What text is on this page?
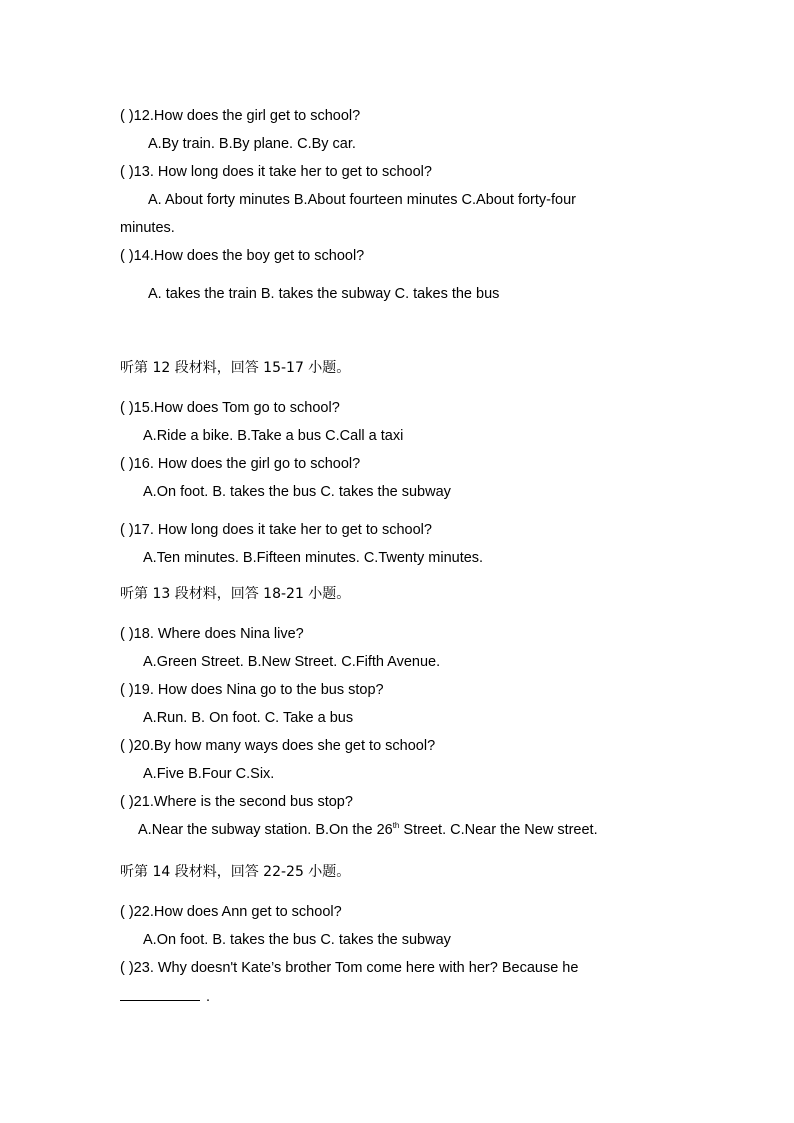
( )12.How does the girl get to school?
A.By train. B.By plane. C.By car.
( )13. How long does it take her to get to school?
A. About forty minutes B.About fourteen minutes C.About forty-four
minutes.
( )14.How does the boy get to school?
A. takes the train B. takes the subway C. takes the bus
听第 12 段材料，回答 15-17 小题。
( )15.How does Tom go to school?
A.Ride a bike. B.Take a bus C.Call a taxi
( )16. How does the girl go to school?
A.On foot. B. takes the bus C. takes the subway
( )17. How long does it take her to get to school?
A.Ten minutes. B.Fifteen minutes. C.Twenty minutes.
听第 13 段材料，回答 18-21 小题。
( )18. Where does Nina live?
A.Green Street. B.New Street. C.Fifth Avenue.
( )19. How does Nina go to the bus stop?
A.Run. B. On foot. C. Take a bus
( )20.By how many ways does she get to school?
A.Five B.Four C.Six.
( )21.Where is the second bus stop?
A.Near the subway station. B.On the 26th Street. C.Near the New street.
听第 14 段材料，回答 22-25 小题。
( )22.How does Ann get to school?
A.On foot. B. takes the bus C. takes the subway
( )23. Why doesn't Kate’s brother Tom come here with her? Because he
.
